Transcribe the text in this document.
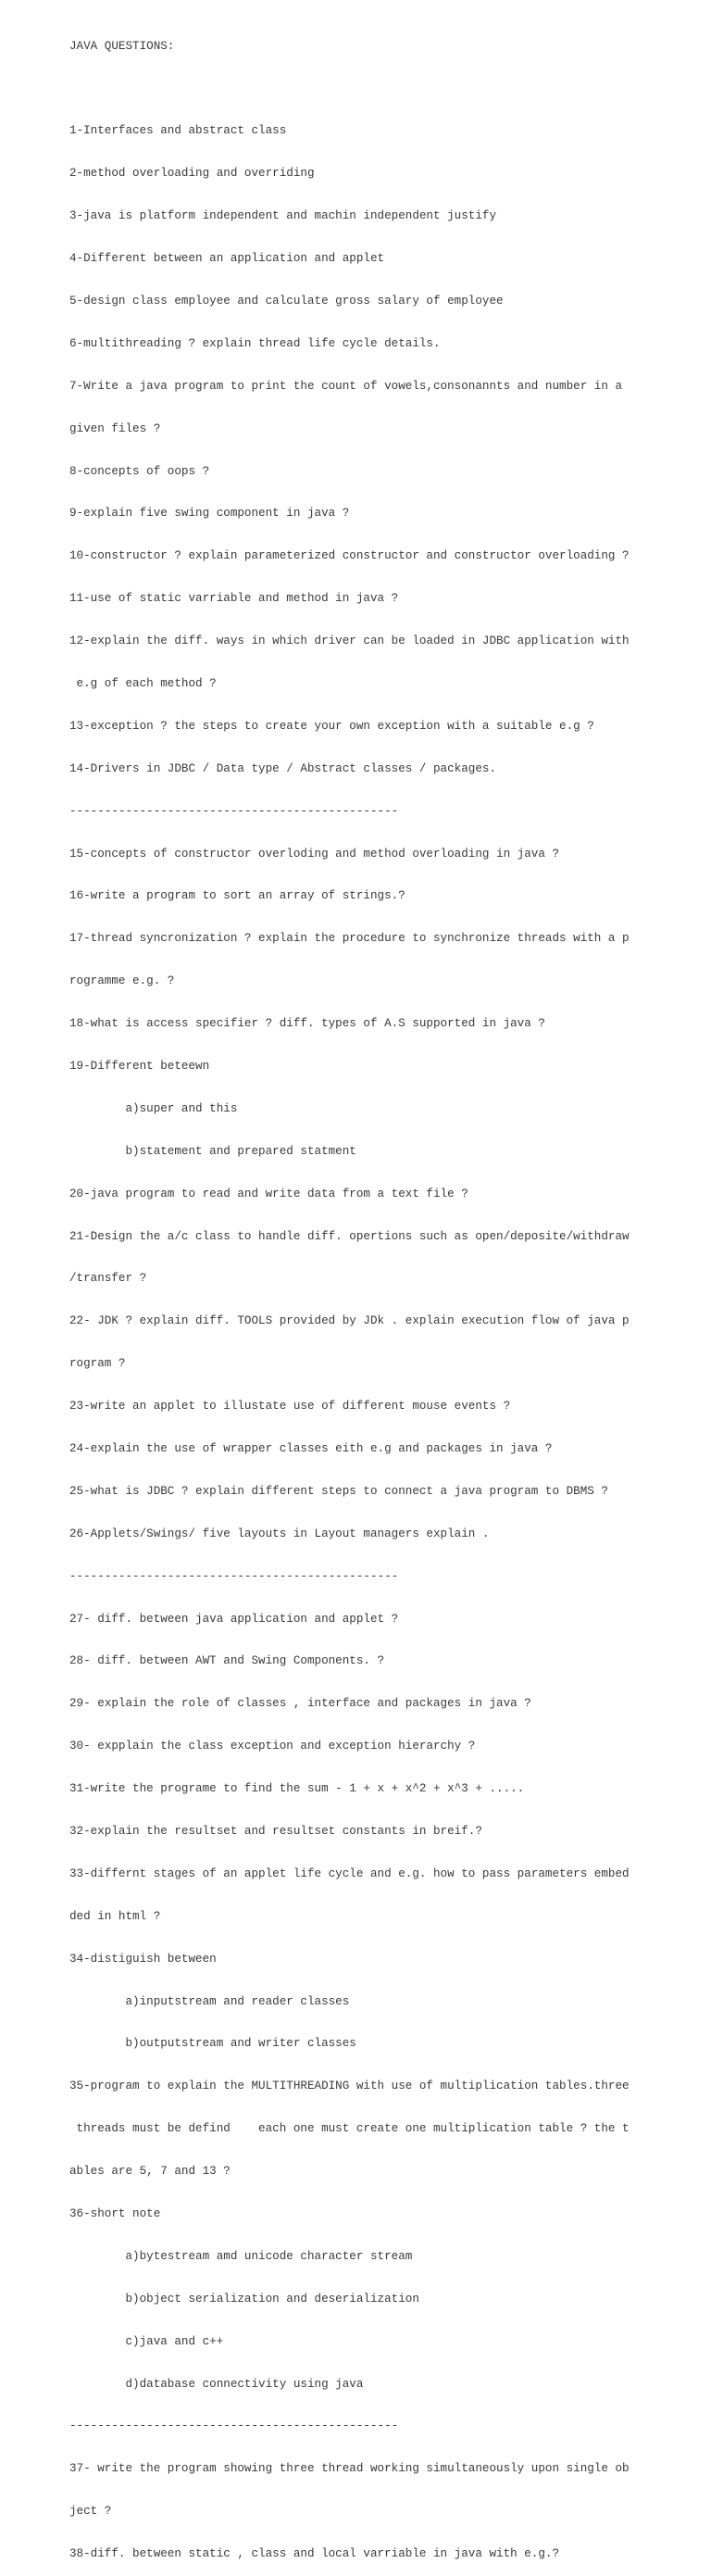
JAVA QUESTIONS:

1-Interfaces and abstract class

2-method overloading and overriding

3-java is platform independent and machin independent justify

4-Different between an application and applet

5-design class employee and calculate gross salary of employee

6-multithreading ? explain thread life cycle details.

7-Write a java program to print the count of vowels,consonannts and number in a

given files ?

8-concepts of oops ?

9-explain five swing component in java ?

10-constructor ? explain parameterized constructor and constructor overloading ?

11-use of static varriable and method in java ?

12-explain the diff. ways in which driver can be loaded in JDBC application with

e.g of each method ?

13-exception ? the steps to create your own exception with a suitable e.g ?

14-Drivers in JDBC / Data type / Abstract classes / packages.

-----------------------------------------------

15-concepts of constructor overloding and method overloading in java ?

16-write a program to sort an array of strings.?

17-thread syncronization ? explain the procedure to synchronize threads with a p

rogramme e.g. ?

18-what is access specifier ? diff. types of A.S supported in java ?

19-Different beteewn

a)super and this

b)statement and prepared statment

20-java program to read and write data from a text file ?

21-Design the a/c class to handle diff. opertions such as open/deposite/withdraw

/transfer ?

22- JDK ? explain diff. TOOLS provided by JDk . explain execution flow of java p

rogram ?

23-write an applet to illustate use of different mouse events ?

24-explain the use of wrapper classes eith e.g and packages in java ?

25-what is JDBC ? explain different steps to connect a java program to DBMS ?

26-Applets/Swings/ five layouts in Layout managers explain .

-----------------------------------------------

27- diff. between java application and applet ?

28- diff. between AWT and Swing Components. ?

29- explain the role of classes , interface and packages in java ?

30- expplain the class exception and exception hierarchy ?

31-write the programe to find the sum - 1 + x + x^2 + x^3 + .....

32-explain the resultset and resultset constants in breif.?

33-differnt stages of an applet life cycle and e.g. how to pass parameters embed

ded in html ?

34-distiguish between

a)inputstream and reader classes

b)outputstream and writer classes

35-program to explain the MULTITHREADING with use of multiplication tables.three

threads must be defind    each one must create one multiplication table ? the t

ables are 5, 7 and 13 ?

36-short note

a)bytestream amd unicode character stream

b)object serialization and deserialization

c)java and c++

d)database connectivity using java

-----------------------------------------------

37- write the program showing three thread working simultaneously upon single ob

ject ?

38-diff. between static , class and local varriable in java with e.g.?
